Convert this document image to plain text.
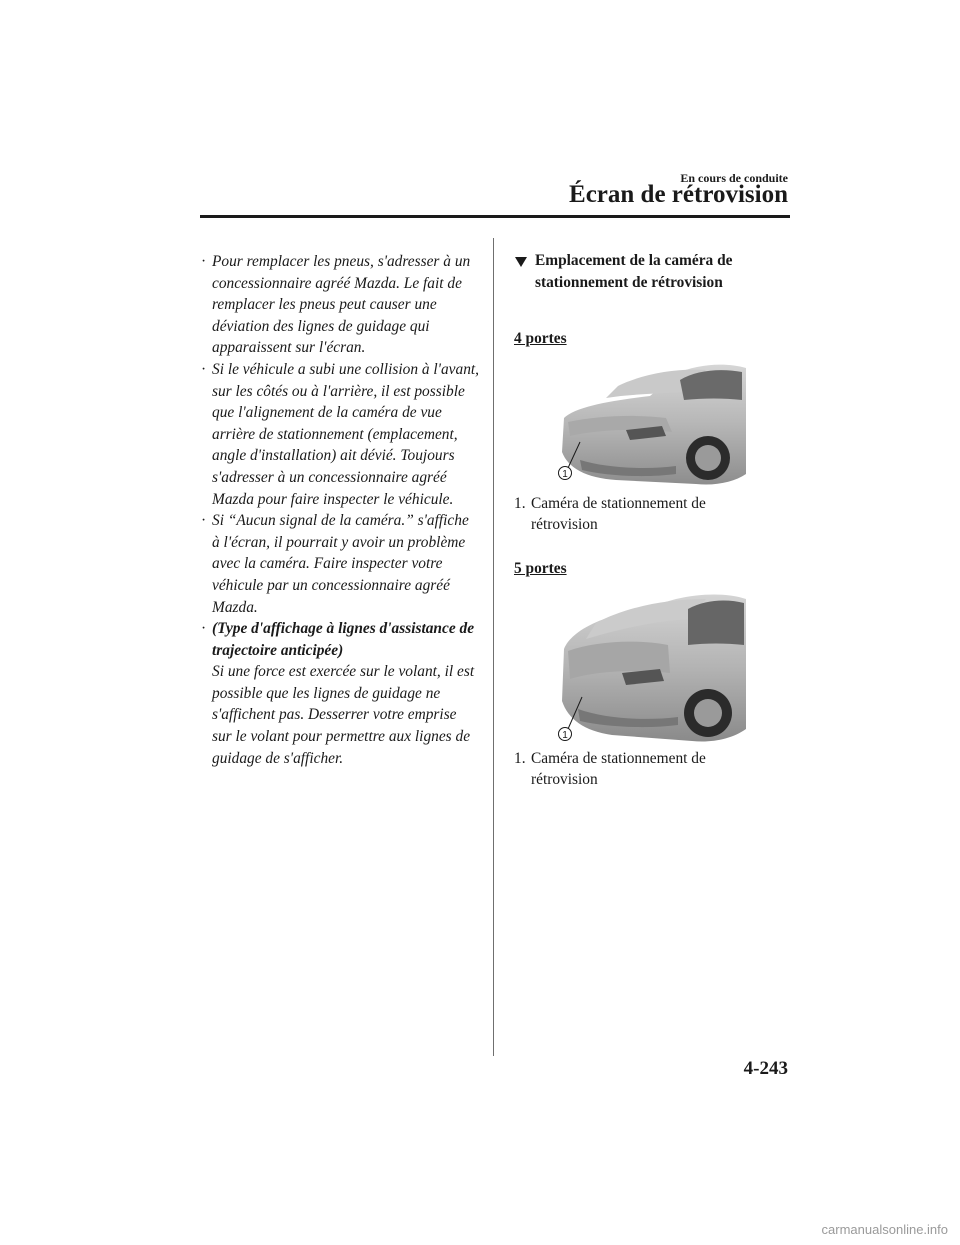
En cours de conduite
Écran de rétrovision

· Pour remplacer les pneus, s'adresser à un concessionnaire agréé Mazda. Le fait de remplacer les pneus peut causer une déviation des lignes de guidage qui apparaissent sur l'écran.

· Si le véhicule a subi une collision à l'avant, sur les côtés ou à l'arrière, il est possible que l'alignement de la caméra de vue arrière de stationnement (emplacement, angle d'installation) ait dévié. Toujours s'adresser à un concessionnaire agréé Mazda pour faire inspecter le véhicule.

· Si “Aucun signal de la caméra.” s'affiche à l'écran, il pourrait y avoir un problème avec la caméra. Faire inspecter votre véhicule par un concessionnaire agréé Mazda.

· (Type d'affichage à lignes d'assistance de trajectoire anticipée)
Si une force est exercée sur le volant, il est possible que les lignes de guidage ne s'affichent pas. Desserrer votre emprise sur le volant pour permettre aux lignes de guidage de s'afficher.

Emplacement de la caméra de stationnement de rétrovision
4 portes
1
1. Caméra de stationnement de rétrovision
5 portes
1
1. Caméra de stationnement de rétrovision
4-243
carmanualsonline.info
